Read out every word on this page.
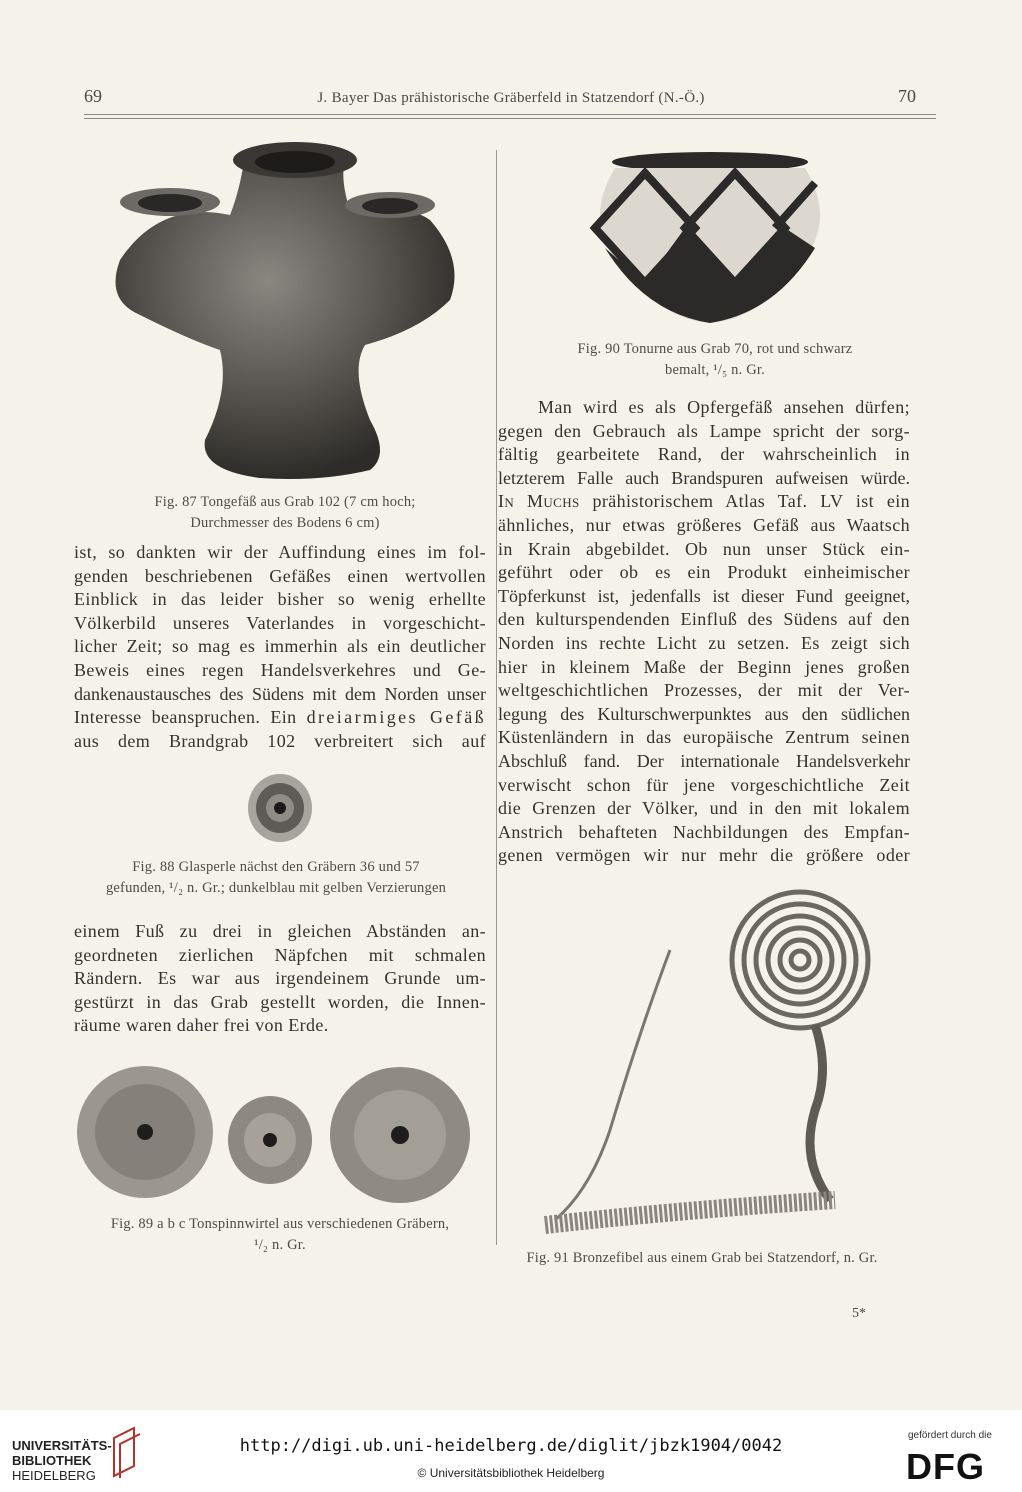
69	J. Bayer Das prähistorische Gräberfeld in Statzendorf (N.-Ö.)	70
Fig. 87 Tongefäß aus Grab 102 (7 cm hoch;
Durchmesser des Bodens 6 cm)
ist, so dankten wir der Auffindung eines im fol-
genden beschriebenen Gefäßes einen wertvollen
Einblick in das leider bisher so wenig erhellte
Völkerbild unseres Vaterlandes in vorgeschicht-
licher Zeit; so mag es immerhin als ein deutlicher
Beweis eines regen Handelsverkehres und Ge-
dankenaustausches des Südens mit dem Norden unser
Interesse beanspruchen. Ein dreiarmiges Gefäß
aus dem Brandgrab 102 verbreitert sich auf
Fig. 88 Glasperle nächst den Gräbern 36 und 57
gefunden, ¹/₂ n. Gr.; dunkelblau mit gelben Verzierungen
einem Fuß zu drei in gleichen Abständen an-
geordneten zierlichen Näpfchen mit schmalen
Rändern. Es war aus irgendeinem Grunde um-
gestürzt in das Grab gestellt worden, die Innen-
räume waren daher frei von Erde.
Fig. 89 a b c Tonspinnwirtel aus verschiedenen Gräbern,
¹/₂ n. Gr.
Fig. 90 Tonurne aus Grab 70, rot und schwarz
bemalt, ¹/₅ n. Gr.
Man wird es als Opfergefäß ansehen dürfen;
gegen den Gebrauch als Lampe spricht der sorg-
fältig gearbeitete Rand, der wahrscheinlich in
letzterem Falle auch Brandspuren aufweisen würde.
In Muchs prähistorischem Atlas Taf. LV ist ein
ähnliches, nur etwas größeres Gefäß aus Waatsch
in Krain abgebildet. Ob nun unser Stück ein-
geführt oder ob es ein Produkt einheimischer
Töpferkunst ist, jedenfalls ist dieser Fund geeignet,
den kulturspendenden Einfluß des Südens auf den
Norden ins rechte Licht zu setzen. Es zeigt sich
hier in kleinem Maße der Beginn jenes großen
weltgeschichtlichen Prozesses, der mit der Ver-
legung des Kulturschwerpunktes aus den südlichen
Küstenländern in das europäische Zentrum seinen
Abschluß fand. Der internationale Handelsverkehr
verwischt schon für jene vorgeschichtliche Zeit
die Grenzen der Völker, und in den mit lokalem
Anstrich behafteten Nachbildungen des Empfan-
genen vermögen wir nur mehr die größere oder
Fig. 91 Bronzefibel aus einem Grab bei Statzendorf, n. Gr.
5*
UNIVERSITÄTS-
BIBLIOTHEK
HEIDELBERG
http://digi.ub.uni-heidelberg.de/diglit/jbzk1904/0042
© Universitätsbibliothek Heidelberg
gefördert durch die
DFG
